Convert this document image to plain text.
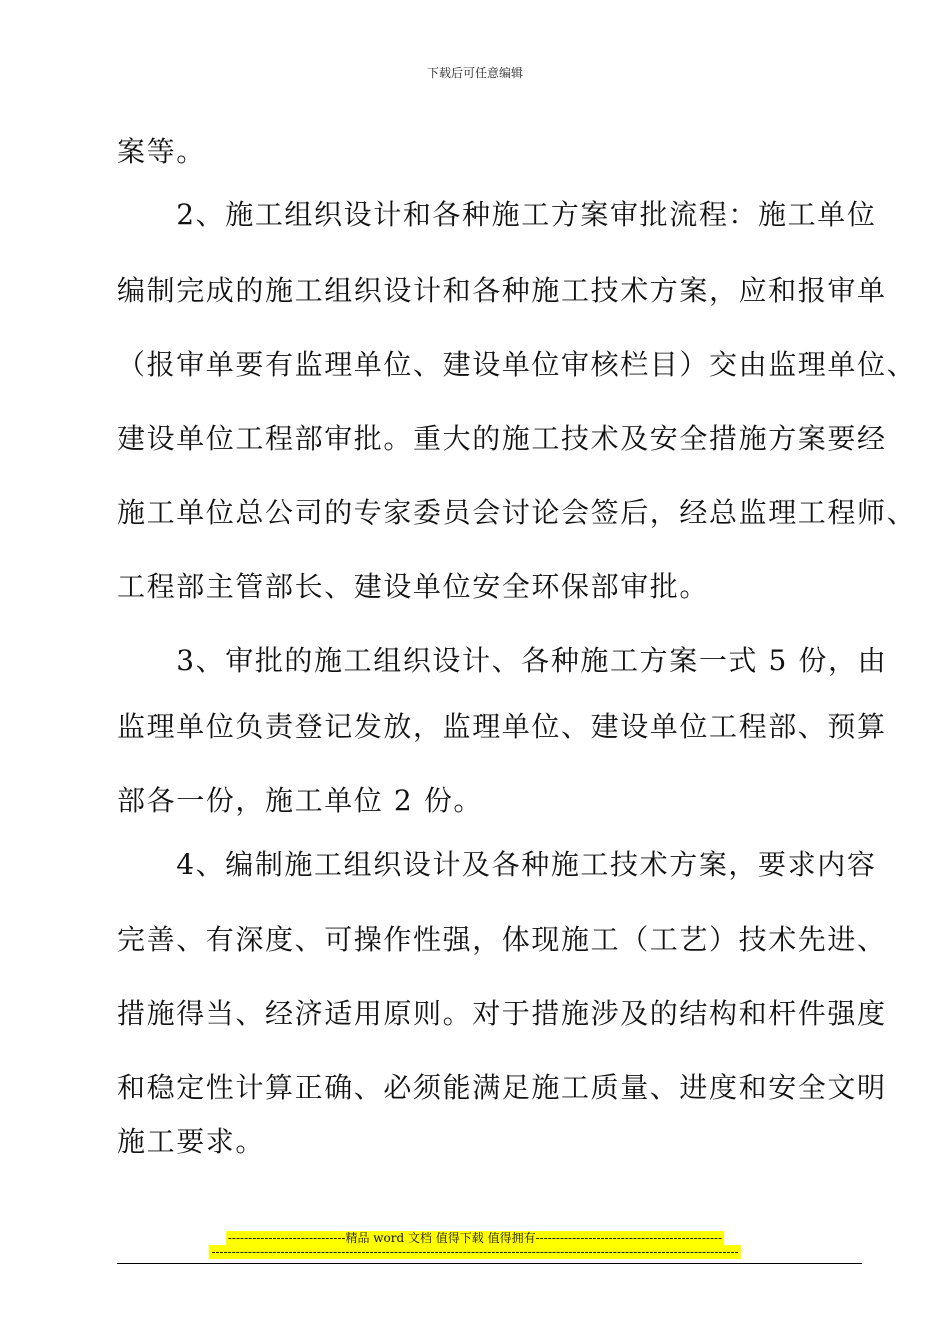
下载后可任意编辑
案等。
　　2、施工组织设计和各种施工方案审批流程：施工单位
编制完成的施工组织设计和各种施工技术方案，应和报审单
（报审单要有监理单位、建设单位审核栏目）交由监理单位、
建设单位工程部审批。重大的施工技术及安全措施方案要经
施工单位总公司的专家委员会讨论会签后，经总监理工程师、
工程部主管部长、建设单位安全环保部审批。
　　3、审批的施工组织设计、各种施工方案一式 5 份，由
监理单位负责登记发放，监理单位、建设单位工程部、预算
部各一份，施工单位 2 份。
　　4、编制施工组织设计及各种施工技术方案，要求内容
完善、有深度、可操作性强，体现施工（工艺）技术先进、
措施得当、经济适用原则。对于措施涉及的结构和杆件强度
和稳定性计算正确、必须能满足施工质量、进度和安全文明
施工要求。
-----------------------------精品 word 文档 值得下载 值得拥有----------------------------------------------
----------------------------------------------------------------------------------------------------------------------------------
